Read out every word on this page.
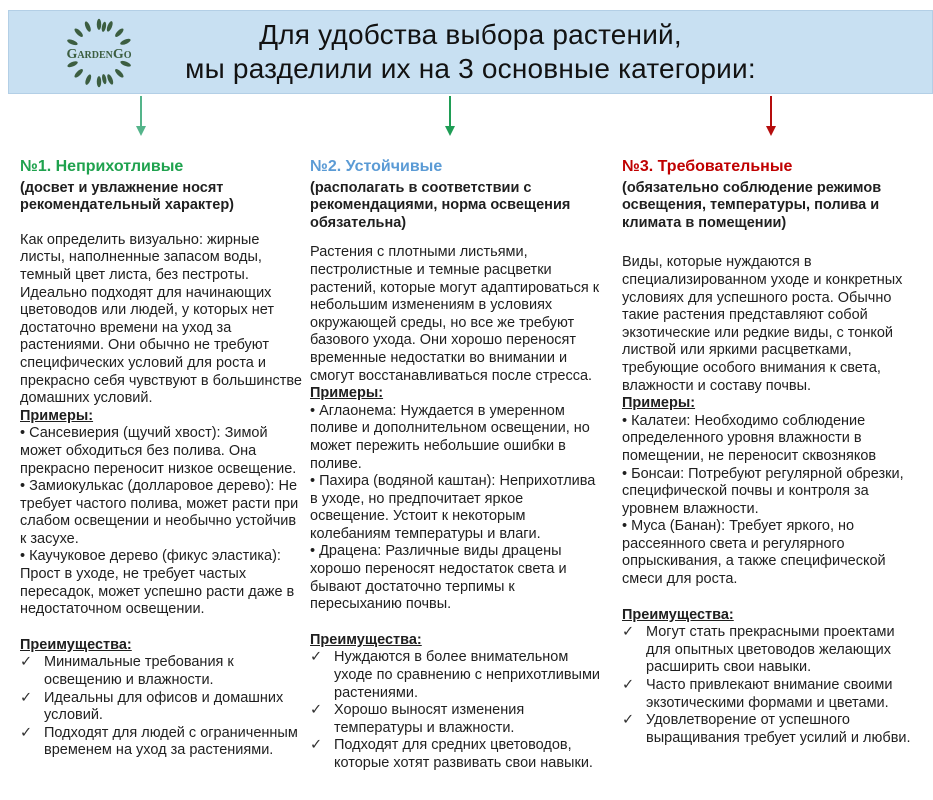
GardenGo
Для удобства выбора растений,
мы разделили их на 3 основные категории:

№1. Неприхотливые

(досвет и увлажнение носят рекомендательный характер)

Как определить визуально: жирные листы, наполненные запасом воды, темный цвет листа, без пестроты. Идеально подходят для начинающих цветоводов или людей, у которых нет достаточно времени на уход за растениями. Они обычно не требуют специфических условий для роста и прекрасно себя чувствуют в большинстве домашних условий.

Примеры:

• Сансевиерия (щучий хвост): Зимой может обходиться без полива. Она прекрасно переносит низкое освещение.
• Замиокулькас (долларовое дерево): Не требует частого полива, может расти при слабом освещении и необычно устойчив к засухе.
• Каучуковое дерево (фикус эластика): Прост в уходе, не требует частых пересадок, может успешно расти даже в недостаточном освещении.

Преимущества:

✓ Минимальные требования к освещению и влажности.
✓ Идеальны для офисов и домашних условий.
✓ Подходят для людей с ограниченным временем на уход за растениями.

№2. Устойчивые

(располагать в соответствии с рекомендациями, норма освещения обязательна)

Растения с плотными листьями, пестролистные и темные расцветки растений, которые могут адаптироваться к небольшим изменениям в условиях окружающей среды, но все же требуют базового ухода. Они хорошо переносят временные недостатки во внимании и смогут восстанавливаться после стресса.

Примеры:

• Аглаонема: Нуждается в умеренном поливе и дополнительном освещении, но может пережить небольшие ошибки в поливе.
• Пахира (водяной каштан): Неприхотлива в уходе, но предпочитает яркое освещение. Устоит к некоторым колебаниям температуры и влаги.
• Драцена: Различные виды драцены хорошо переносят недостаток света и бывают достаточно терпимы к пересыханию почвы.

Преимущества:

✓ Нуждаются в более внимательном уходе по сравнению с неприхотливыми растениями.
✓ Хорошо выносят изменения температуры и влажности.
✓ Подходят для средних цветоводов, которые хотят развивать свои навыки.

№3. Требовательные

(обязательно соблюдение режимов освещения, температуры, полива и климата в помещении)

Виды, которые нуждаются в специализированном уходе и конкретных условиях для успешного роста. Обычно такие растения представляют собой экзотические или редкие виды, с тонкой листвой или яркими расцветками, требующие особого внимания к света, влажности и составу почвы.

Примеры:

• Калатеи: Необходимо соблюдение определенного уровня влажности в помещении, не переносит сквозняков
• Бонсаи: Потребуют регулярной обрезки, специфической почвы и контроля за уровнем влажности.
• Муса (Банан): Требует яркого, но рассеянного света и регулярного опрыскивания, а также специфической смеси для роста.

Преимущества:

✓ Могут стать прекрасными проектами для опытных цветоводов желающих расширить свои навыки.
✓ Часто привлекают внимание своими экзотическими формами и цветами.
✓ Удовлетворение от успешного выращивания требует усилий и любви.
